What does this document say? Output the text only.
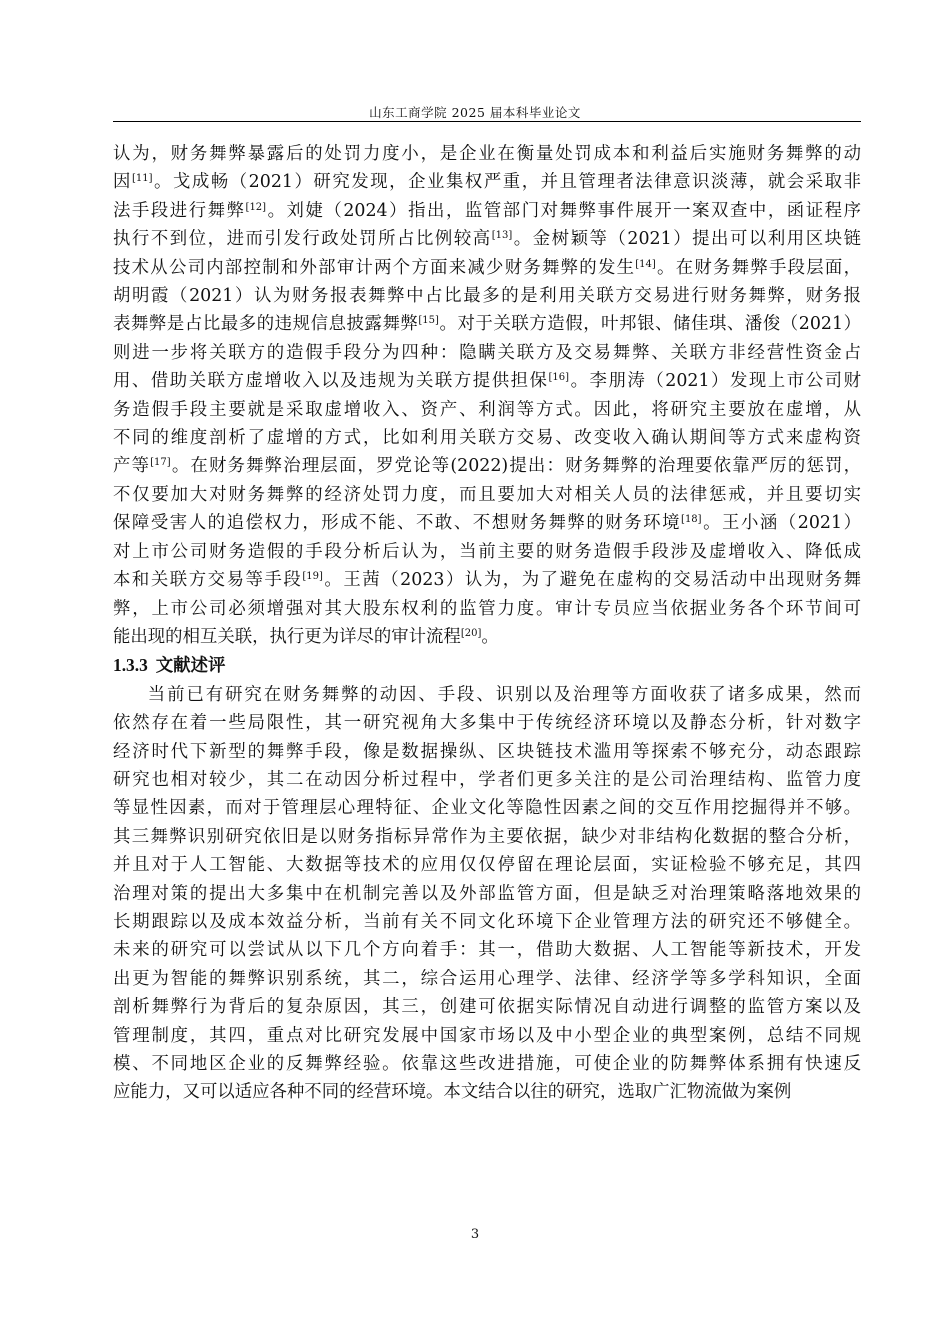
山东工商学院 2025 届本科毕业论文
认为，财务舞弊暴露后的处罚力度小，是企业在衡量处罚成本和利益后实施财务舞弊的动
因[11]。戈成畅（2021）研究发现，企业集权严重，并且管理者法律意识淡薄，就会采取非
法手段进行舞弊[12]。刘婕（2024）指出，监管部门对舞弊事件展开一案双查中，函证程序
执行不到位，进而引发行政处罚所占比例较高[13]。金树颖等（2021）提出可以利用区块链
技术从公司内部控制和外部审计两个方面来减少财务舞弊的发生[14]。在财务舞弊手段层面，
胡明霞（2021）认为财务报表舞弊中占比最多的是利用关联方交易进行财务舞弊，财务报
表舞弊是占比最多的违规信息披露舞弊[15]。对于关联方造假，叶邦银、储佳琪、潘俊（2021）
则进一步将关联方的造假手段分为四种：隐瞒关联方及交易舞弊、关联方非经营性资金占
用、借助关联方虚增收入以及违规为关联方提供担保[16]。李朋涛（2021）发现上市公司财
务造假手段主要就是采取虚增收入、资产、利润等方式。因此，将研究主要放在虚增，从
不同的维度剖析了虚增的方式，比如利用关联方交易、改变收入确认期间等方式来虚构资
产等[17]。在财务舞弊治理层面，罗党论等(2022)提出：财务舞弊的治理要依靠严厉的惩罚，
不仅要加大对财务舞弊的经济处罚力度，而且要加大对相关人员的法律惩戒，并且要切实
保障受害人的追偿权力，形成不能、不敢、不想财务舞弊的财务环境[18]。王小涵（2021）
对上市公司财务造假的手段分析后认为，当前主要的财务造假手段涉及虚增收入、降低成
本和关联方交易等手段[19]。王茜（2023）认为，为了避免在虚构的交易活动中出现财务舞
弊，上市公司必须增强对其大股东权利的监管力度。审计专员应当依据业务各个环节间可
能出现的相互关联，执行更为详尽的审计流程[20]。
1.3.3 文献述评
当前已有研究在财务舞弊的动因、手段、识别以及治理等方面收获了诸多成果，然而
依然存在着一些局限性，其一研究视角大多集中于传统经济环境以及静态分析，针对数字
经济时代下新型的舞弊手段，像是数据操纵、区块链技术滥用等探索不够充分，动态跟踪
研究也相对较少，其二在动因分析过程中，学者们更多关注的是公司治理结构、监管力度
等显性因素，而对于管理层心理特征、企业文化等隐性因素之间的交互作用挖掘得并不够。
其三舞弊识别研究依旧是以财务指标异常作为主要依据，缺少对非结构化数据的整合分析，
并且对于人工智能、大数据等技术的应用仅仅停留在理论层面，实证检验不够充足，其四
治理对策的提出大多集中在机制完善以及外部监管方面，但是缺乏对治理策略落地效果的
长期跟踪以及成本效益分析，当前有关不同文化环境下企业管理方法的研究还不够健全。
未来的研究可以尝试从以下几个方向着手：其一，借助大数据、人工智能等新技术，开发
出更为智能的舞弊识别系统，其二，综合运用心理学、法律、经济学等多学科知识，全面
剖析舞弊行为背后的复杂原因，其三，创建可依据实际情况自动进行调整的监管方案以及
管理制度，其四，重点对比研究发展中国家市场以及中小型企业的典型案例，总结不同规
模、不同地区企业的反舞弊经验。依靠这些改进措施，可使企业的防舞弊体系拥有快速反
应能力，又可以适应各种不同的经营环境。本文结合以往的研究，选取广汇物流做为案例
3
